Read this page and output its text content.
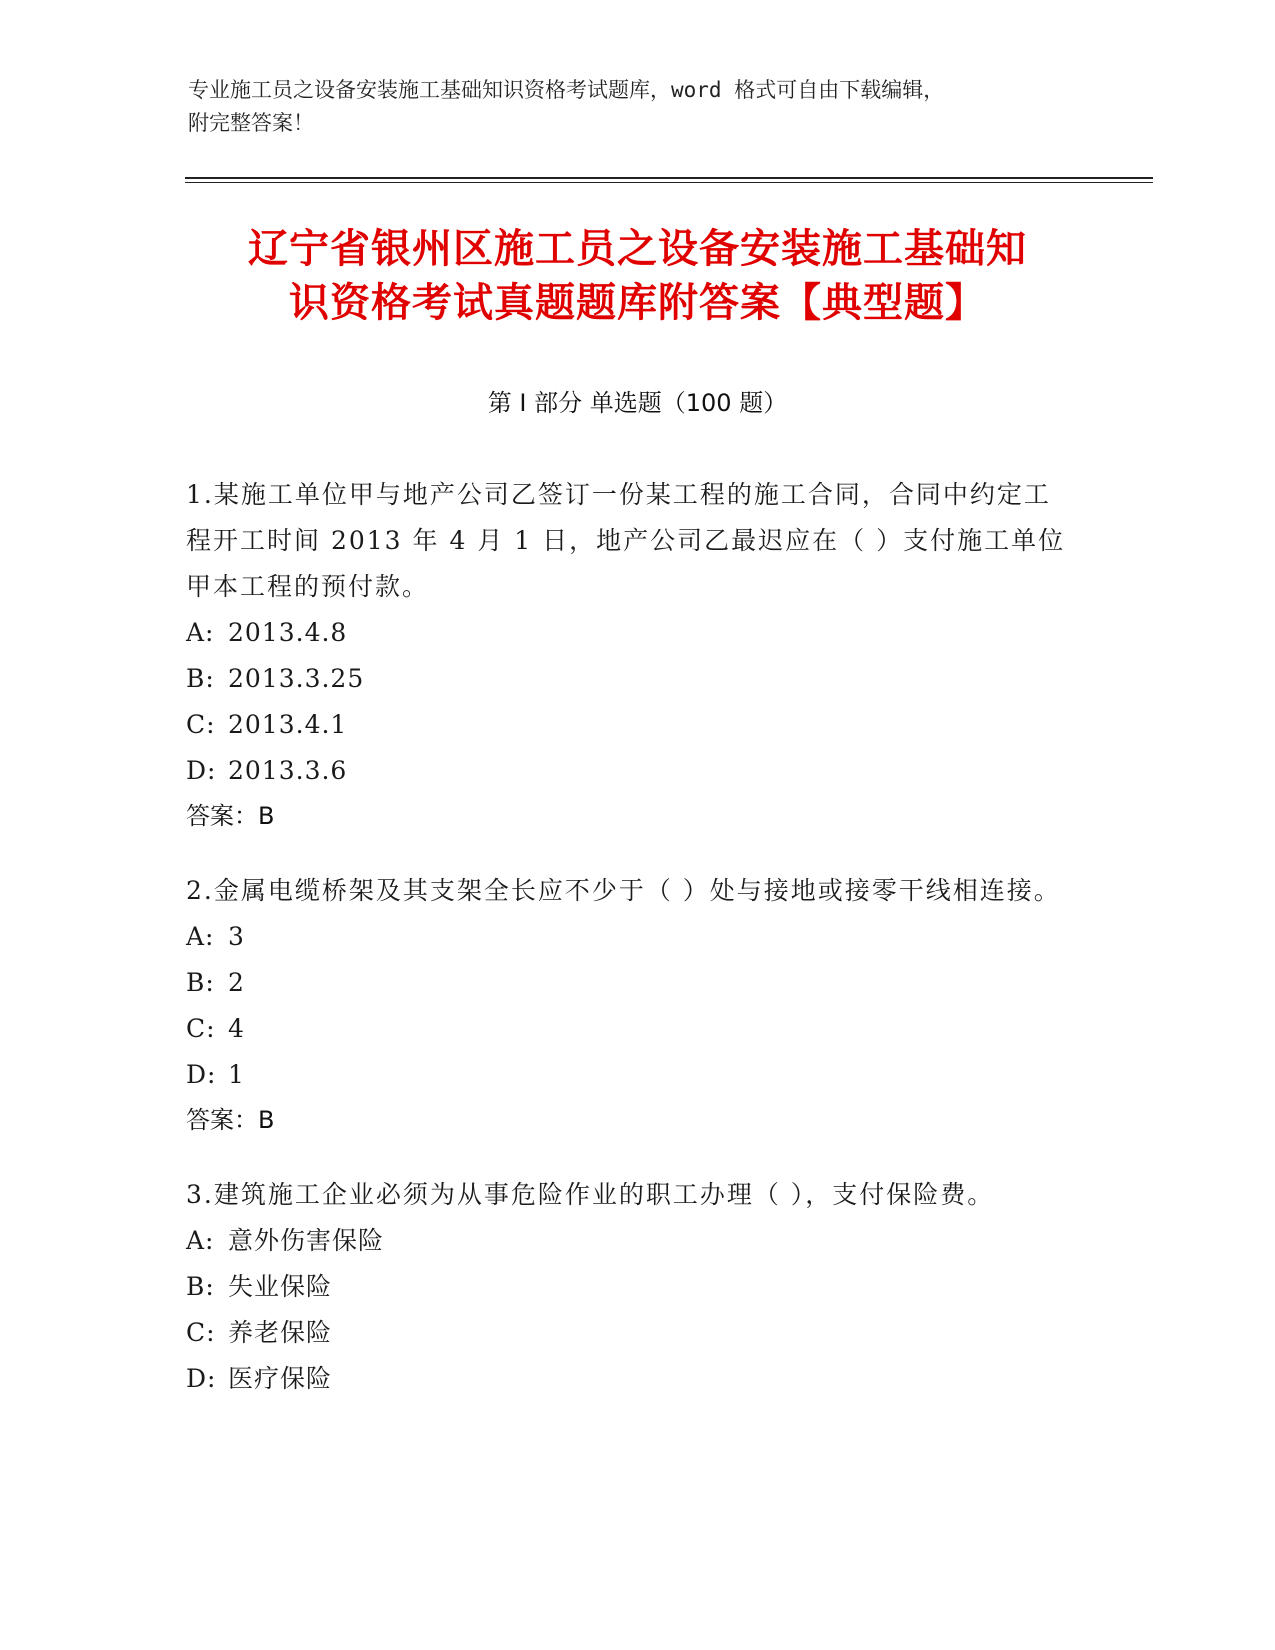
专业施工员之设备安装施工基础知识资格考试题库，word 格式可自由下载编辑，
附完整答案！
辽宁省银州区施工员之设备安装施工基础知
识资格考试真题题库附答案【典型题】
第 I 部分 单选题（100 题）

1.某施工单位甲与地产公司乙签订一份某工程的施工合同，合同中约定工程开工时间 2013 年 4 月 1 日，地产公司乙最迟应在（ ）支付施工单位甲本工程的预付款。

A: 2013.4.8
B: 2013.3.25
C: 2013.4.1
D: 2013.3.6
答案：B

2.金属电缆桥架及其支架全长应不少于（ ）处与接地或接零干线相连接。

A: 3
B: 2
C: 4
D: 1
答案：B

3.建筑施工企业必须为从事危险作业的职工办理（ ），支付保险费。

A: 意外伤害保险
B: 失业保险
C: 养老保险
D: 医疗保险
